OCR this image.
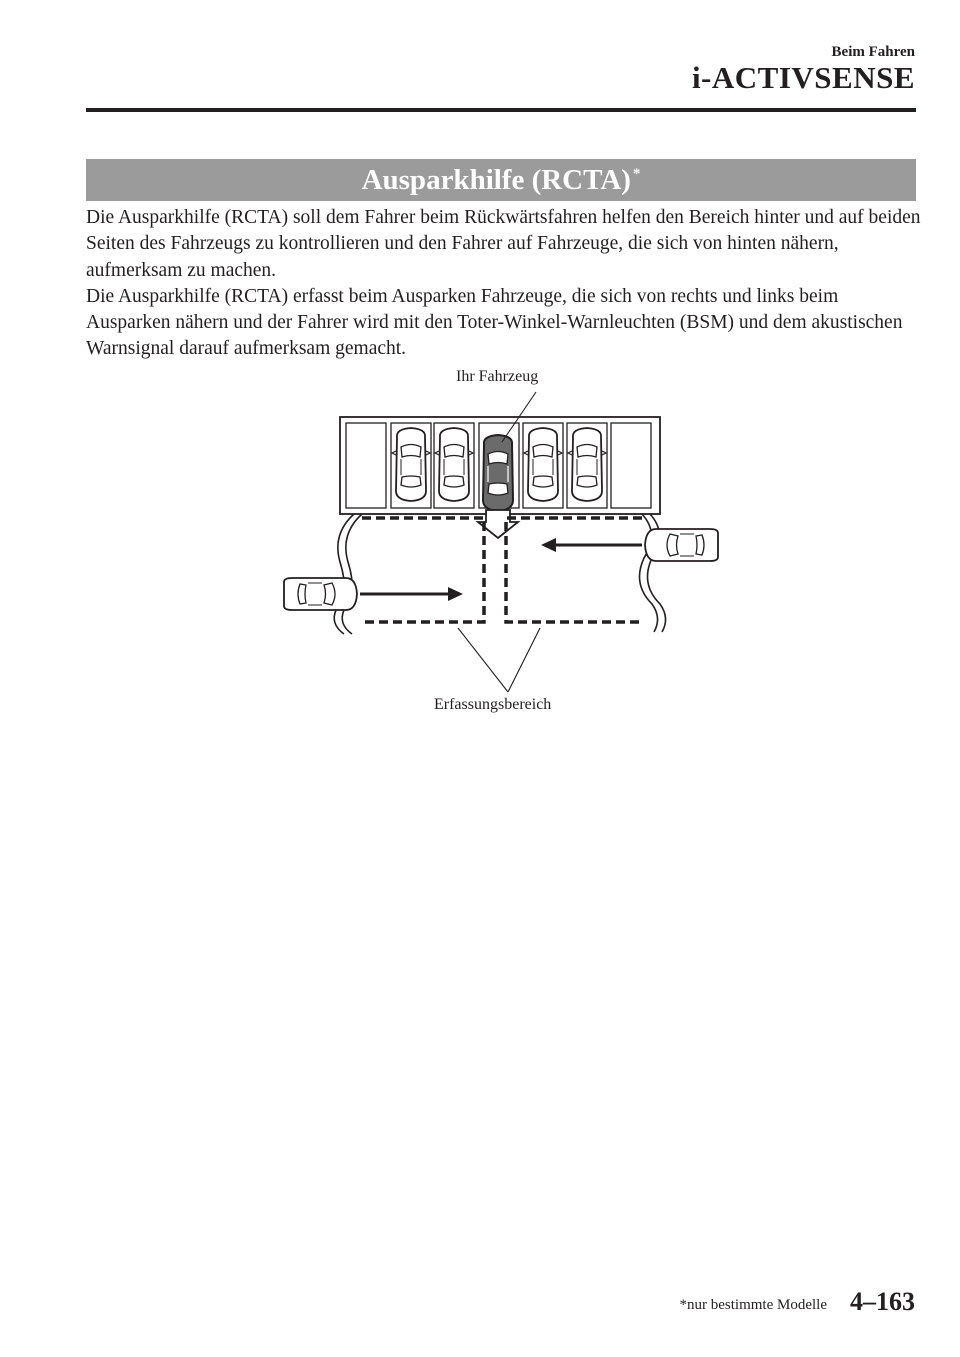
Beim Fahren
i-ACTIVSENSE
Ausparkhilfe (RCTA)*

Die Ausparkhilfe (RCTA) soll dem Fahrer beim Rückwärtsfahren helfen den Bereich hinter und auf beiden Seiten des Fahrzeugs zu kontrollieren und den Fahrer auf Fahrzeuge, die sich von hinten nähern, aufmerksam zu machen.

Die Ausparkhilfe (RCTA) erfasst beim Ausparken Fahrzeuge, die sich von rechts und links beim Ausparken nähern und der Fahrer wird mit den Toter-Winkel-Warnleuchten (BSM) und dem akustischen Warnsignal darauf aufmerksam gemacht.

Ihr Fahrzeug
Erfassungsbereich
*nur bestimmte Modelle 4–163
